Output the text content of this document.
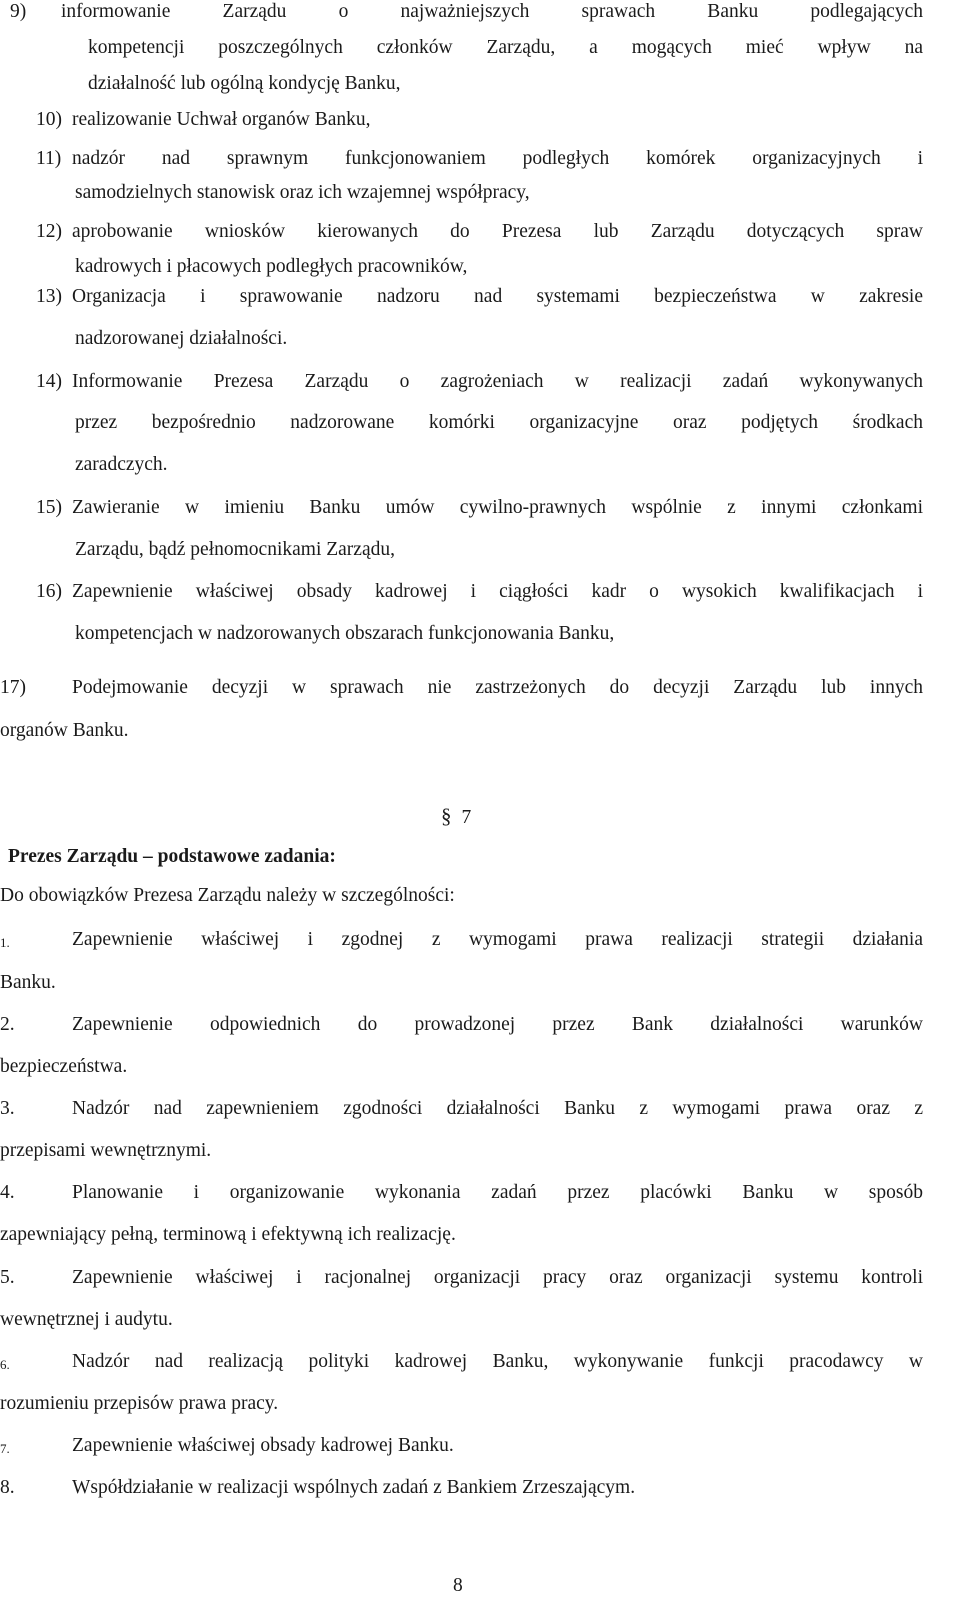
9) informowanie Zarządu o najważniejszych sprawach Banku podlegających
kompetencji poszczególnych członków Zarządu, a mogących mieć wpływ na
działalność lub ogólną kondycję Banku,
10) realizowanie Uchwał organów Banku,
11) nadzór nad sprawnym funkcjonowaniem podległych komórek organizacyjnych i
samodzielnych stanowisk oraz ich wzajemnej współpracy,
12) aprobowanie wniosków kierowanych do Prezesa lub Zarządu dotyczących spraw
kadrowych i płacowych podległych pracowników,
13) Organizacja i sprawowanie nadzoru nad systemami bezpieczeństwa w zakresie
nadzorowanej działalności.
14) Informowanie Prezesa Zarządu o zagrożeniach w realizacji zadań wykonywanych
przez bezpośrednio nadzorowane komórki organizacyjne oraz podjętych środkach
zaradczych.
15) Zawieranie w imieniu Banku umów cywilno-prawnych wspólnie z innymi członkami
Zarządu, bądź pełnomocnikami Zarządu,
16) Zapewnienie właściwej obsady kadrowej i ciągłości kadr o wysokich kwalifikacjach i
kompetencjach w nadzorowanych obszarach funkcjonowania Banku,
17) Podejmowanie decyzji w sprawach nie zastrzeżonych do decyzji Zarządu lub innych
organów Banku.
§ 7
Prezes Zarządu – podstawowe zadania:
Do obowiązków Prezesa Zarządu należy w szczególności:
1.	Zapewnienie właściwej i zgodnej z wymogami prawa realizacji strategii działania
Banku.
2.	Zapewnienie odpowiednich do prowadzonej przez Bank działalności warunków
bezpieczeństwa.
3.	Nadzór nad zapewnieniem zgodności działalności Banku z wymogami prawa oraz z
przepisami wewnętrznymi.
4.	Planowanie i organizowanie wykonania zadań przez placówki Banku w sposób
zapewniający pełną, terminową i efektywną ich realizację.
5.	Zapewnienie właściwej i racjonalnej organizacji pracy oraz organizacji systemu kontroli
wewnętrznej i audytu.
6.	Nadzór nad realizacją polityki kadrowej Banku, wykonywanie funkcji pracodawcy w
rozumieniu przepisów prawa pracy.
7.	Zapewnienie właściwej obsady kadrowej Banku.
8.	Współdziałanie w realizacji wspólnych zadań z Bankiem Zrzeszającym.
8
